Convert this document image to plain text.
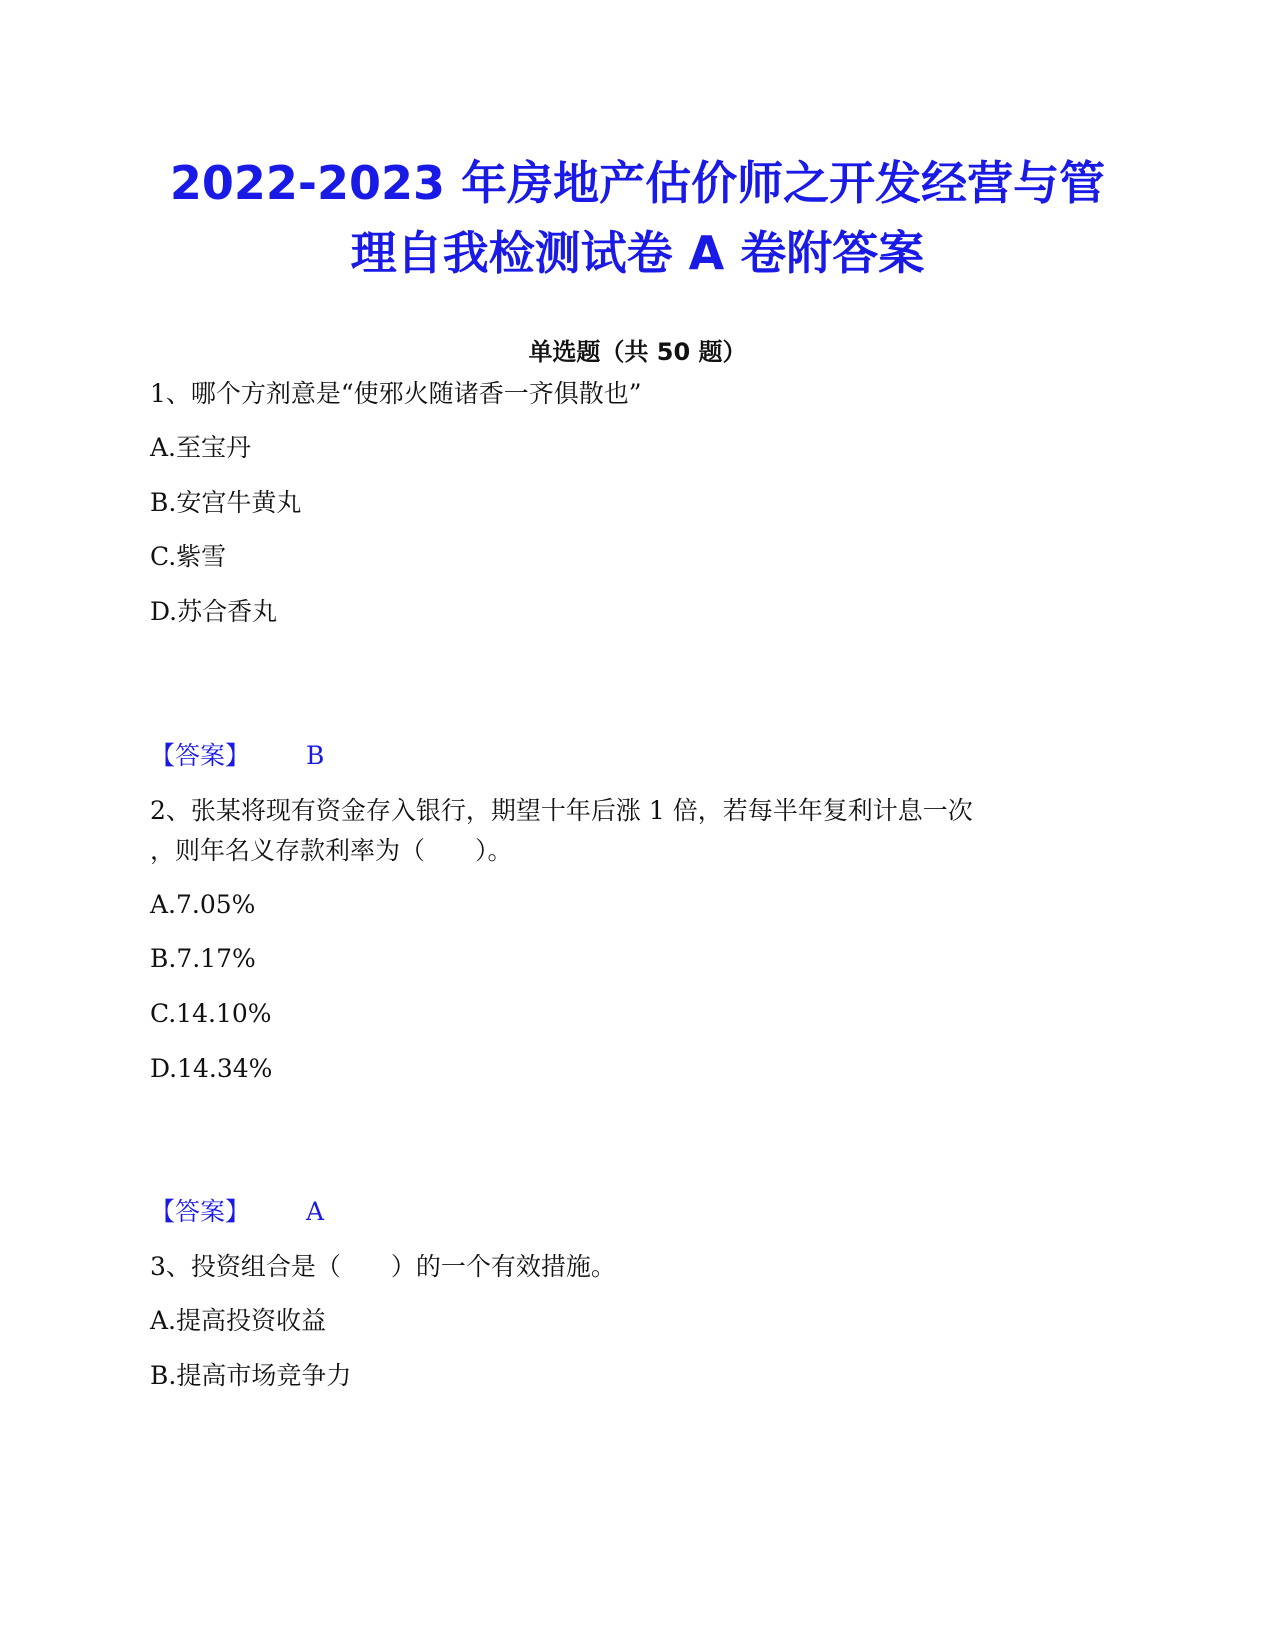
2022-2023 年房地产估价师之开发经营与管
理自我检测试卷 A 卷附答案
单选题（共 50 题）
1、哪个方剂意是“使邪火随诸香一齐俱散也”
A.至宝丹
B.安宫牛黄丸
C.紫雪
D.苏合香丸
【答案】 B
2、张某将现有资金存入银行，期望十年后涨 1 倍，若每半年复利计息一次
，则年名义存款利率为（　　）。
A.7.05%
B.7.17%
C.14.10%
D.14.34%
【答案】 A
3、投资组合是（　　）的一个有效措施。
A.提高投资收益
B.提高市场竞争力
